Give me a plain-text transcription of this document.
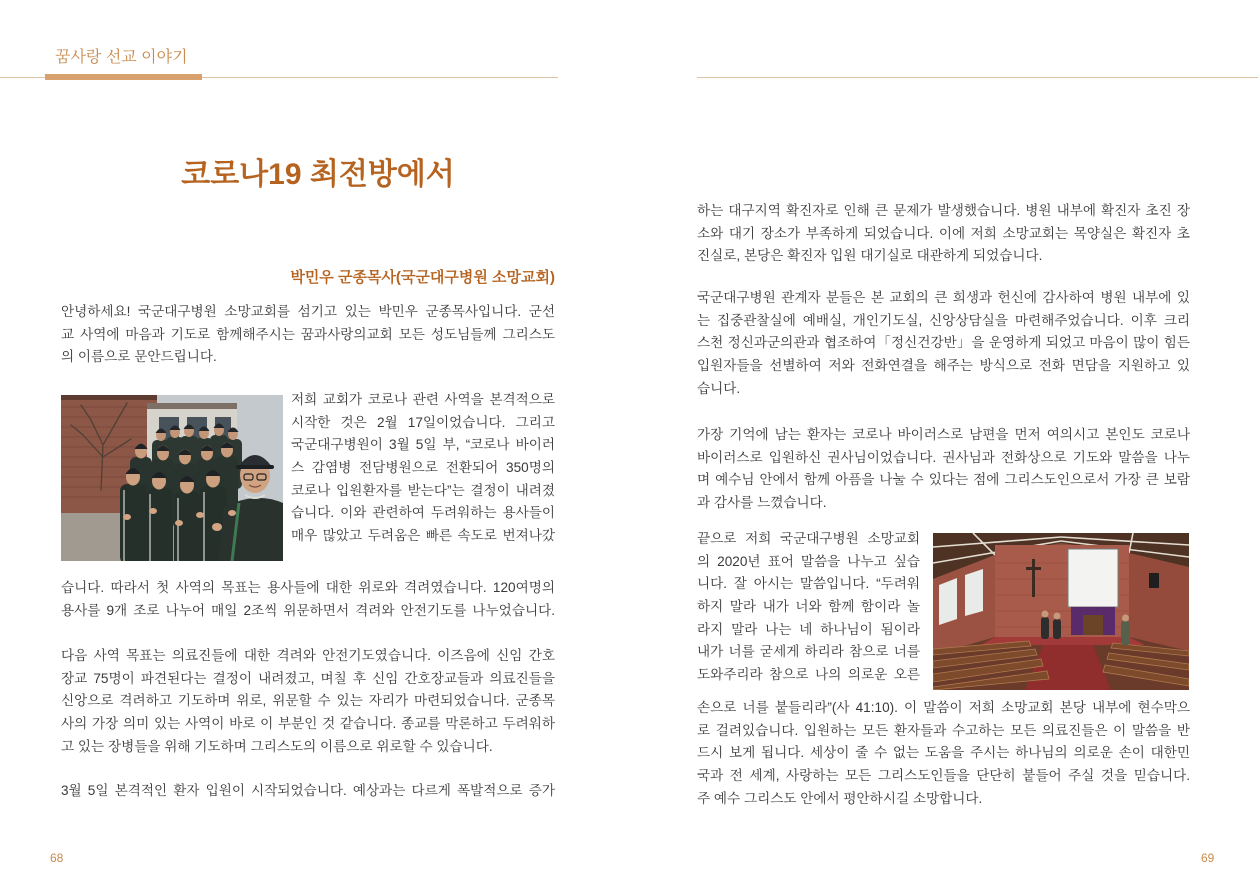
꿈사랑 선교 이야기
코로나19 최전방에서
박민우 군종목사(국군대구병원 소망교회)
안녕하세요! 국군대구병원 소망교회를 섬기고 있는 박민우 군종목사입니다. 군선
교 사역에 마음과 기도로 함께해주시는 꿈과사랑의교회 모든 성도님들께 그리스도
의 이름으로 문안드립니다.
저희 교회가 코로나 관련 사역을 본격적으로
시작한 것은 2월 17일이었습니다. 그리고
국군대구병원이 3월 5일 부, “코로나 바이러
스 감염병 전담병원으로 전환되어 350명의
코로나 입원환자를 받는다”는 결정이 내려졌
습니다. 이와 관련하여 두려워하는 용사들이
매우 많았고 두려움은 빠른 속도로 번져나갔
습니다. 따라서 첫 사역의 목표는 용사들에 대한 위로와 격려였습니다. 120여명의
용사를 9개 조로 나누어 매일 2조씩 위문하면서 격려와 안전기도를 나누었습니다.
다음 사역 목표는 의료진들에 대한 격려와 안전기도였습니다. 이즈음에 신임 간호
장교 75명이 파견된다는 결정이 내려졌고, 며칠 후 신임 간호장교들과 의료진들을
신앙으로 격려하고 기도하며 위로, 위문할 수 있는 자리가 마련되었습니다. 군종목
사의 가장 의미 있는 사역이 바로 이 부분인 것 같습니다. 종교를 막론하고 두려워하
고 있는 장병들을 위해 기도하며 그리스도의 이름으로 위로할 수 있습니다.
3월 5일 본격적인 환자 입원이 시작되었습니다. 예상과는 다르게 폭발적으로 증가
68
하는 대구지역 확진자로 인해 큰 문제가 발생했습니다. 병원 내부에 확진자 초진 장
소와 대기 장소가 부족하게 되었습니다. 이에 저희 소망교회는 목양실은 확진자 초
진실로, 본당은 확진자 입원 대기실로 대관하게 되었습니다.
국군대구병원 관계자 분들은 본 교회의 큰 희생과 헌신에 감사하여 병원 내부에 있
는 집중관찰실에 예배실, 개인기도실, 신앙상담실을 마련해주었습니다. 이후 크리
스천 정신과군의관과 협조하여「정신건강반」을 운영하게 되었고 마음이 많이 힘든
입원자들을 선별하여 저와 전화연결을 해주는 방식으로 전화 면담을 지원하고 있
습니다.
가장 기억에 남는 환자는 코로나 바이러스로 남편을 먼저 여의시고 본인도 코로나
바이러스로 입원하신 권사님이었습니다. 권사님과 전화상으로 기도와 말씀을 나누
며 예수님 안에서 함께 아픔을 나눌 수 있다는 점에 그리스도인으로서 가장 큰 보람
과 감사를 느꼈습니다.
끝으로 저희 국군대구병원 소망교회
의 2020년 표어 말씀을 나누고 싶습
니다. 잘 아시는 말씀입니다. “두려워
하지 말라 내가 너와 함께 함이라 놀
라지 말라 나는 네 하나님이 됨이라
내가 너를 굳세게 하리라 참으로 너를
도와주리라 참으로 나의 의로운 오른
손으로 너를 붙들리라”(사 41:10). 이 말씀이 저희 소망교회 본당 내부에 현수막으
로 걸려있습니다. 입원하는 모든 환자들과 수고하는 모든 의료진들은 이 말씀을 반
드시 보게 됩니다. 세상이 줄 수 없는 도움을 주시는 하나님의 의로운 손이 대한민
국과 전 세계, 사랑하는 모든 그리스도인들을 단단히 붙들어 주실 것을 믿습니다.
주 예수 그리스도 안에서 평안하시길 소망합니다.
69
